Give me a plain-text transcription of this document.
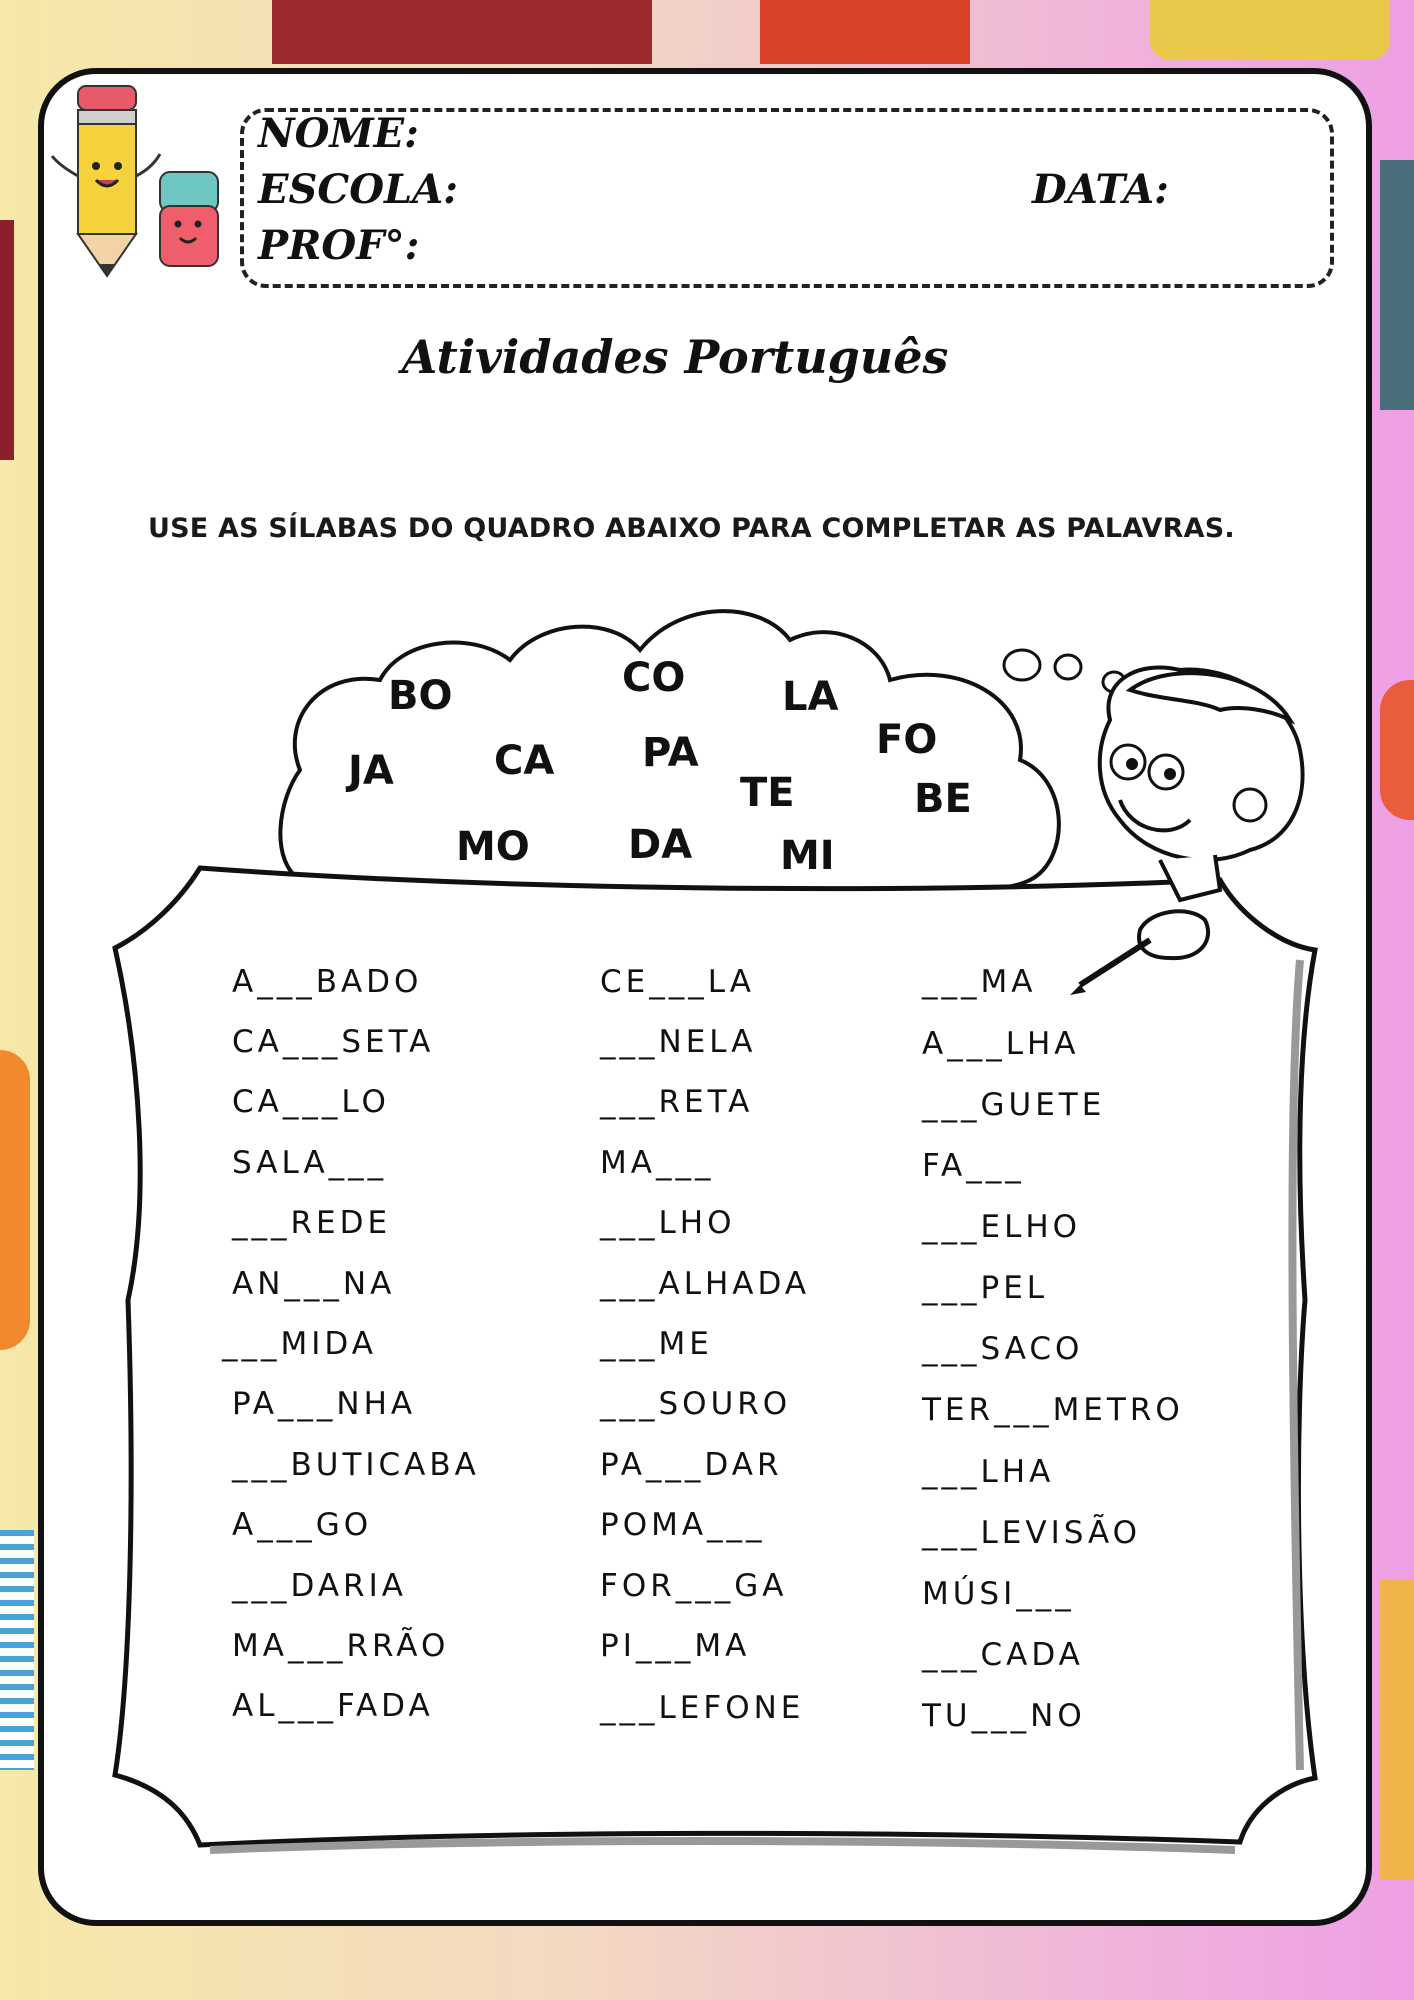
NOME:
ESCOLA:	DATA:
PROF°:
Atividades Português
USE AS SÍLABAS DO QUADRO ABAIXO PARA COMPLETAR AS PALAVRAS.
BO	CO LA
JA	CA PA	FO
TE	BE
MO DA MI
A___BADO
CA___SETA
CA___LO
SALA___
___REDE
AN___NA
___MIDA
PA___NHA
___BUTICABA
A___GO
___DARIA
MA___RRÃO
AL___FADA
CE___LA
___NELA
___RETA
MA___
___LHO
___ALHADA
___ME
___SOURO
PA___DAR
POMA___
FOR___GA
PI___MA
___LEFONE
___MA
A___LHA
___GUETE
FA___
___ELHO
___PEL
___SACO
TER___METRO
___LHA
___LEVISÃO
MÚSI___
___CADA
TU___NO
